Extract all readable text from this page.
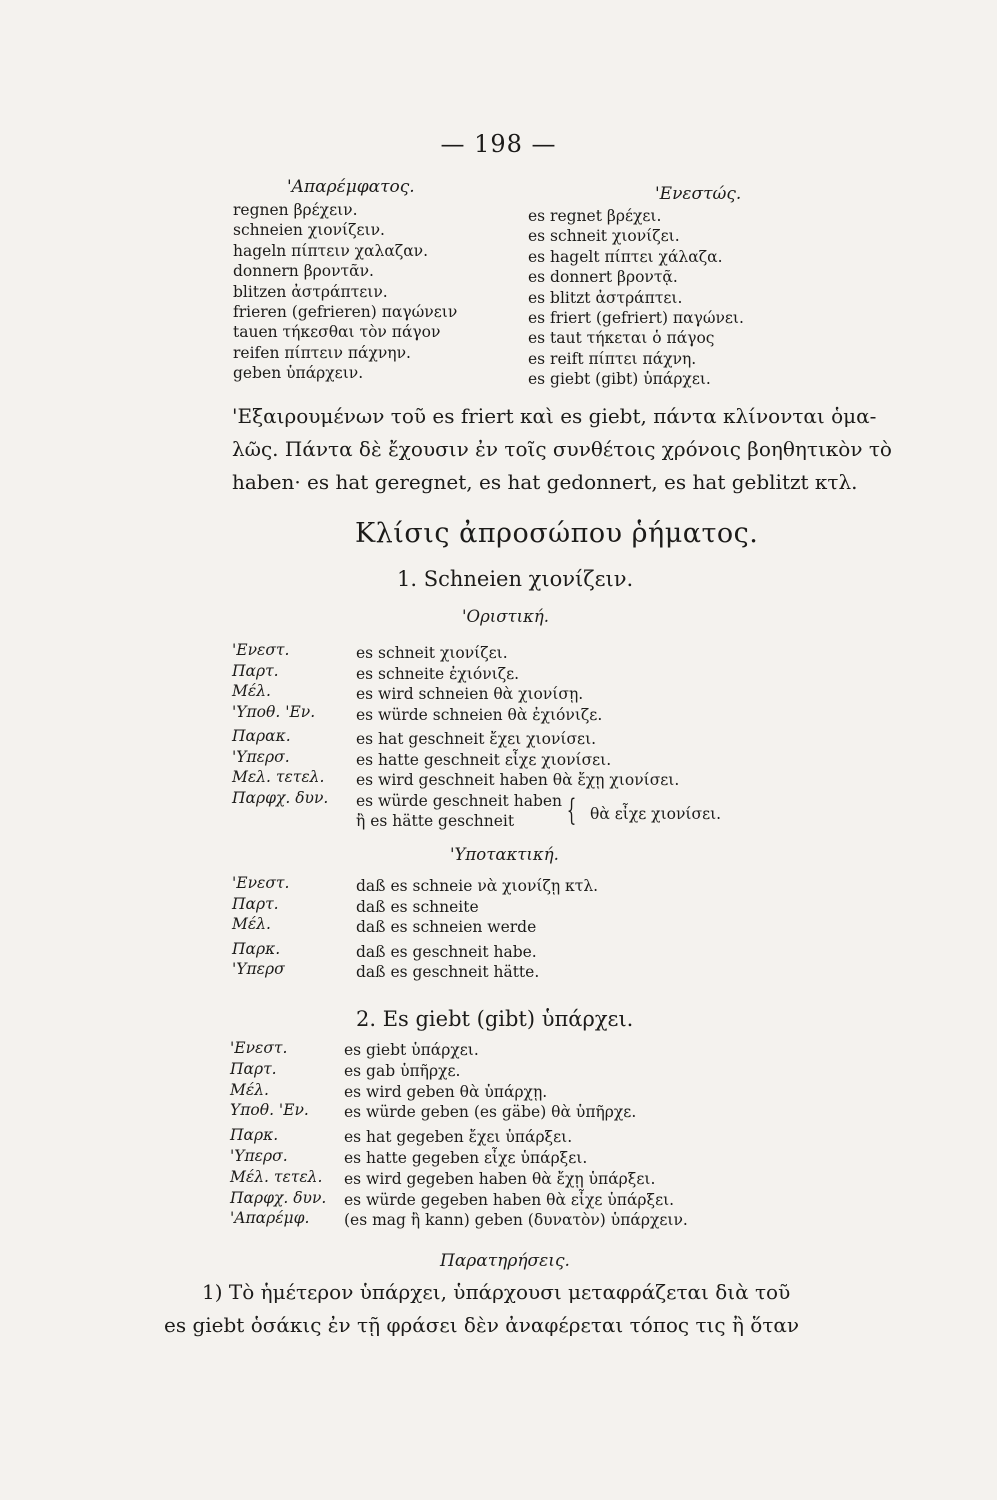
— 198 —
'Απαρέμφατος.	'Ενεστώς.
regnen βρέχειν.
schneien χιονίζειν.
hageln πίπτειν χαλαζαν.
donnern βροντᾶν.
blitzen ἀστράπτειν.
frieren (gefrieren) παγώνειν
tauen τήκεσθαι τὸν πάγον
reifen πίπτειν πάχνην.
geben ὑπάρχειν.
es regnet βρέχει.
es schneit χιονίζει.
es hagelt πίπτει χάλαζα.
es donnert βροντᾷ.
es blitzt ἀστράπτει.
es friert (gefriert) παγώνει.
es taut τήκεται ὁ πάγος
es reift πίπτει πάχνη.
es giebt (gibt) ὑπάρχει.
'Εξαιρουμένων τοῦ es friert καὶ es giebt, πάντα κλίνονται ὁμα-
λῶς. Πάντα δὲ ἔχουσιν ἐν τοῖς συνθέτοις χρόνοις βοηθητικὸν τὸ
haben· es hat geregnet, es hat gedonnert, es hat geblitzt κτλ.
Κλίσις ἀπροσώπου ῥήματος.
1. Schneien χιονίζειν.
'Οριστική.
'Ενεστ.
Παρτ.
Μέλ.
'Υποθ. 'Εν.
Παρακ.
'Υπερσ.
Μελ. τετελ.
Παρφχ. δυν.
es schneit χιονίζει.
es schneite ἐχιόνιζε.
es wird schneien θὰ χιονίσῃ.
es würde schneien θὰ ἐχιόνιζε.
es hat geschneit ἔχει χιονίσει.
es hatte geschneit εἶχε χιονίσει.
es wird geschneit haben θὰ ἔχῃ χιονίσει.
es würde geschneit haben
ἢ es hätte geschneit	{ θὰ εἶχε χιονίσει.
'Υποτακτική.
'Ενεστ.
Παρτ.
Μέλ.
Παρκ.
'Υπερσ
daß es schneie νὰ χιονίζῃ κτλ.
daß es schneite
daß es schneien werde
daß es geschneit habe.
daß es geschneit hätte.
2. Es giebt (gibt) ὑπάρχει.
'Ενεστ.
Παρτ.
Μέλ.
Υποθ. 'Εν.
Παρκ.
'Υπερσ.
Μέλ. τετελ.
Παρφχ. δυν.
'Απαρέμφ.
es giebt ὑπάρχει.
es gab ὑπῆρχε.
es wird geben θὰ ὑπάρχῃ.
es würde geben (es gäbe) θὰ ὑπῆρχε.
es hat gegeben ἔχει ὑπάρξει.
es hatte gegeben εἶχε ὑπάρξει.
es wird gegeben haben θὰ ἔχῃ ὑπάρξει.
es würde gegeben haben θὰ εἶχε ὑπάρξει.
(es mag ἢ kann) geben (δυνατὸν) ὑπάρχειν.
Παρατηρήσεις.
1) Τὸ ἡμέτερον ὑπάρχει, ὑπάρχουσι μεταφράζεται διὰ τοῦ
es giebt ὁσάκις ἐν τῇ φράσει δὲν ἀναφέρεται τόπος τις ἢ ὅταν
